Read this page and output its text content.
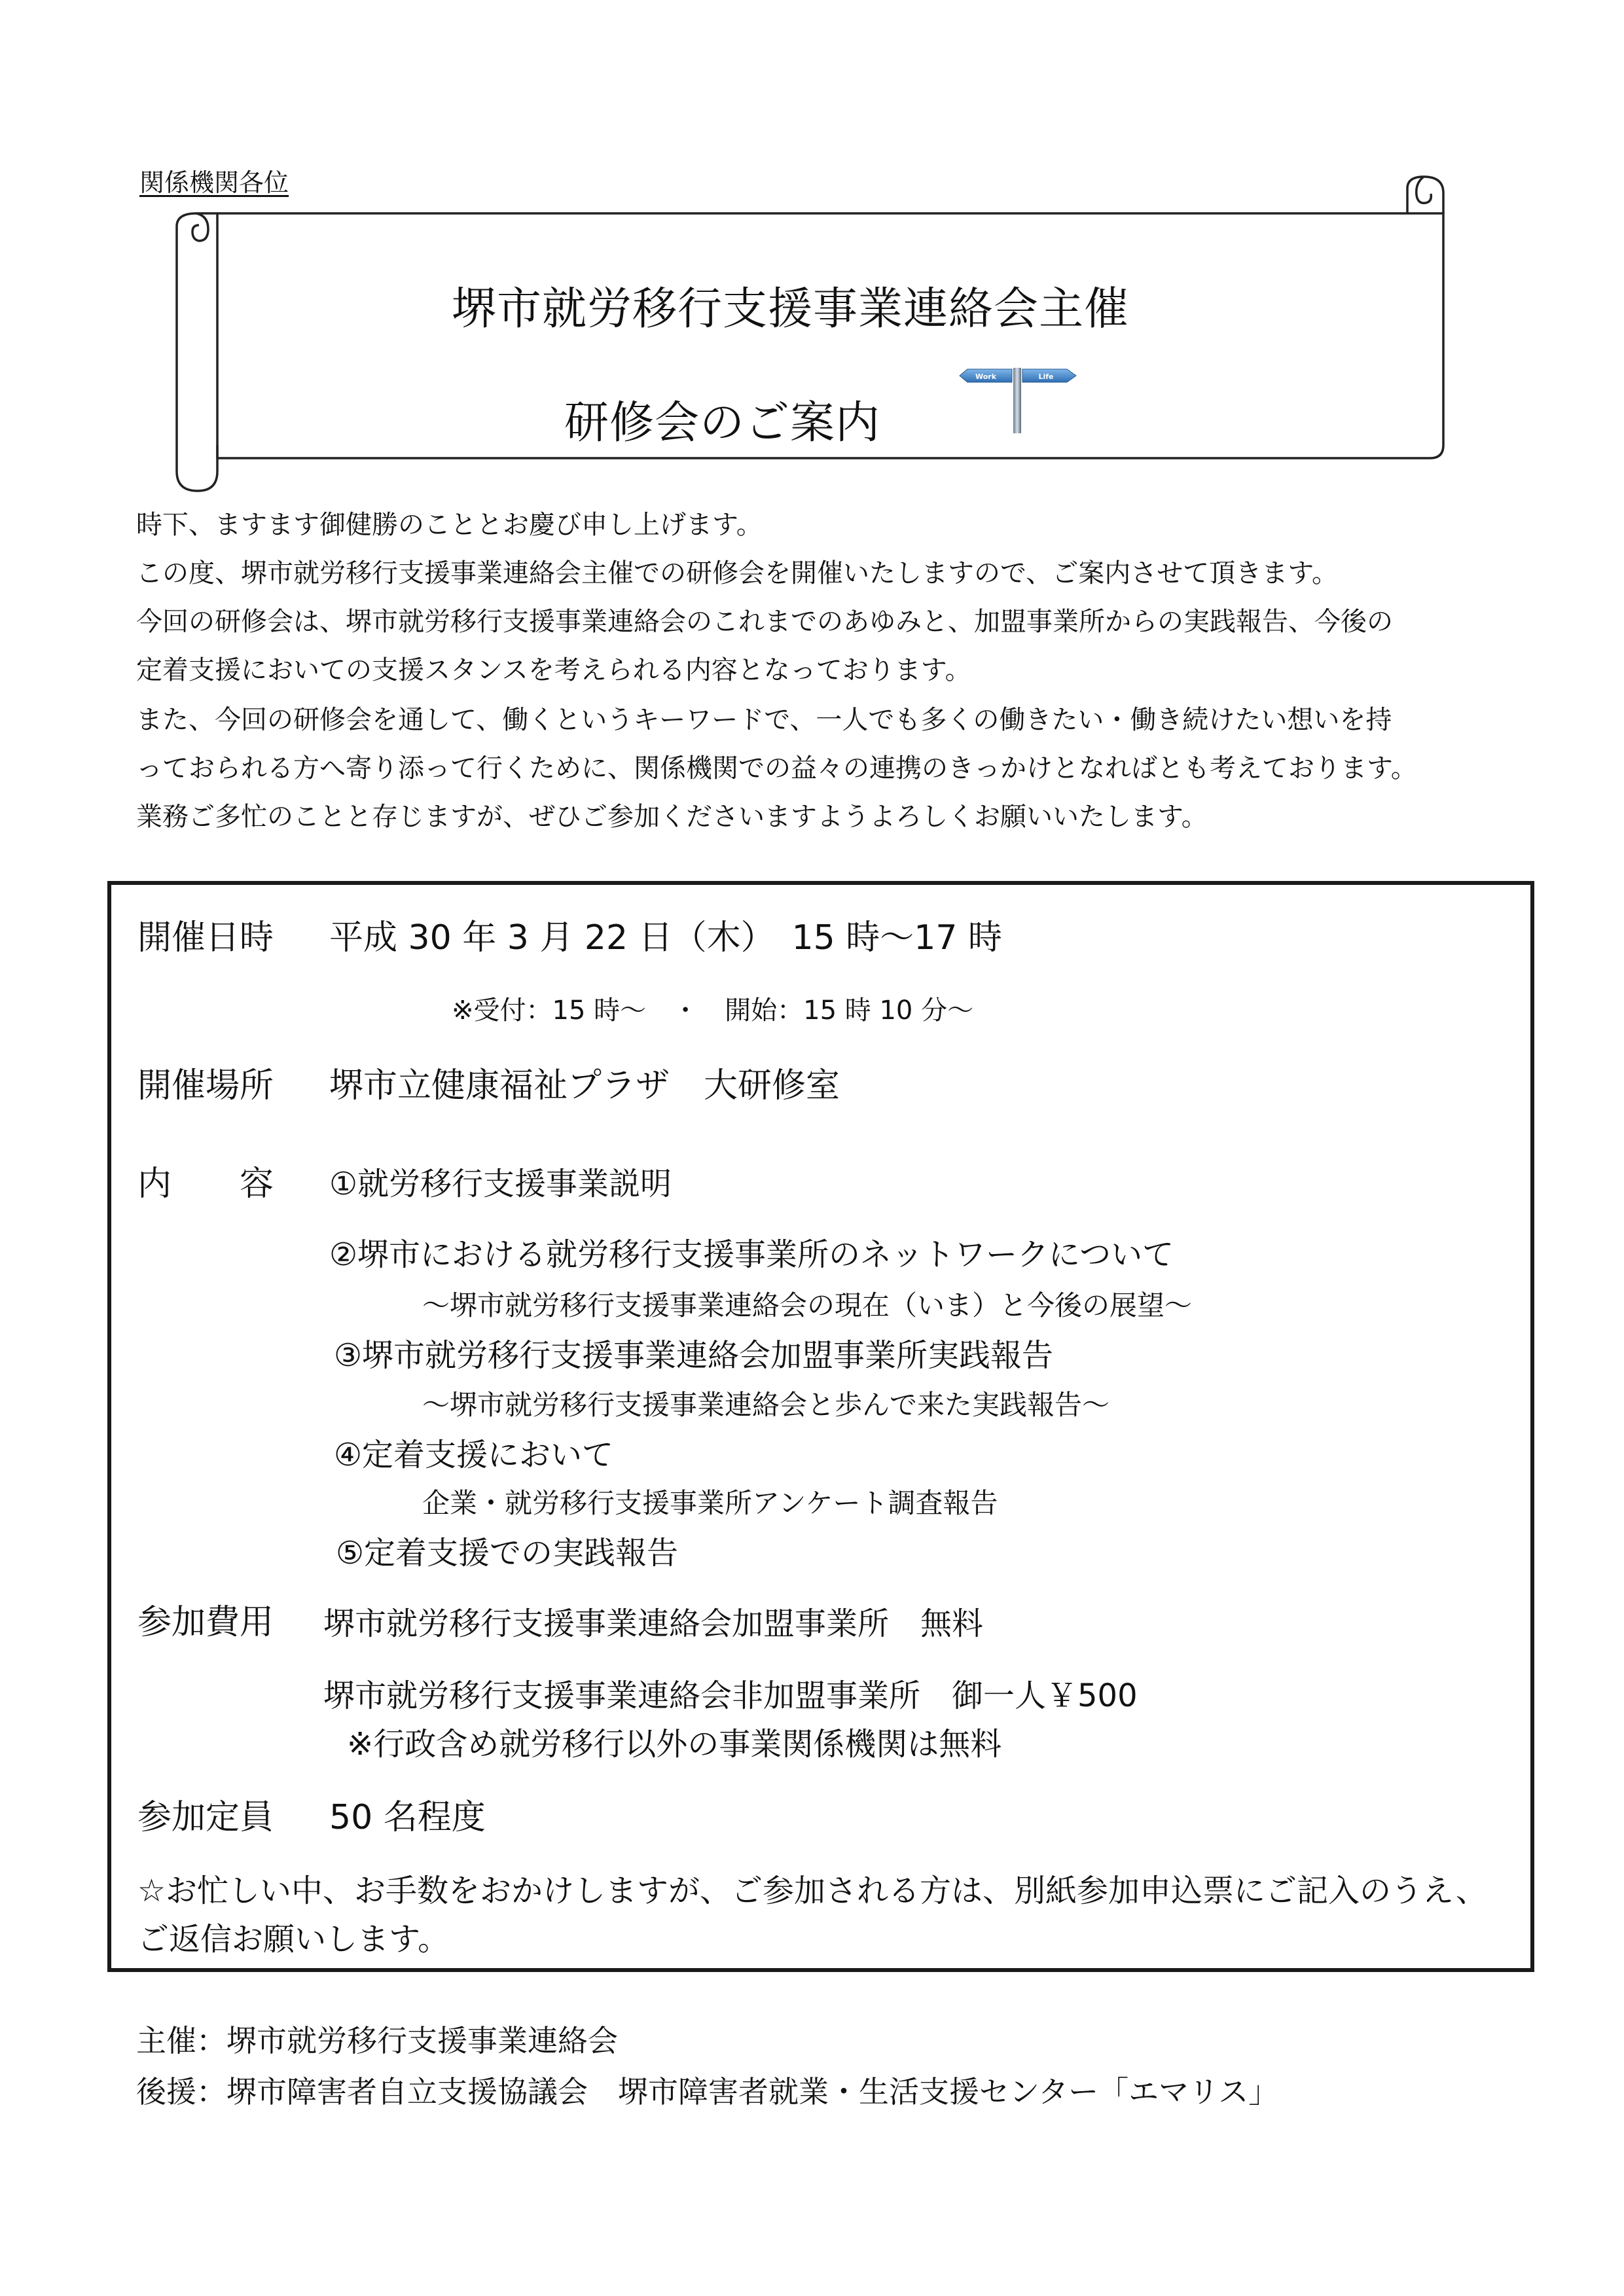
関係機関各位
堺市就労移行支援事業連絡会主催
研修会のご案内
Work	Life
時下、ますます御健勝のこととお慶び申し上げます。
この度、堺市就労移行支援事業連絡会主催での研修会を開催いたしますので、ご案内させて頂きます。
今回の研修会は、堺市就労移行支援事業連絡会のこれまでのあゆみと、加盟事業所からの実践報告、今後の
定着支援においての支援スタンスを考えられる内容となっております。
また、今回の研修会を通して、働くというキーワードで、一人でも多くの働きたい・働き続けたい想いを持
っておられる方へ寄り添って行くために、関係機関での益々の連携のきっかけとなればとも考えております。
業務ご多忙のことと存じますが、ぜひご参加くださいますようよろしくお願いいたします。
開催日時 平成 30 年 3 月 22 日（木）　15 時～17 時
※受付：15 時～　・　開始：15 時 10 分～
開催場所 堺市立健康福祉プラザ　大研修室
内　　容 ①就労移行支援事業説明
②堺市における就労移行支援事業所のネットワークについて
～堺市就労移行支援事業連絡会の現在（いま）と今後の展望～
③堺市就労移行支援事業連絡会加盟事業所実践報告
～堺市就労移行支援事業連絡会と歩んで来た実践報告～
④定着支援において
企業・就労移行支援事業所アンケート調査報告
⑤定着支援での実践報告
参加費用 堺市就労移行支援事業連絡会加盟事業所　無料
堺市就労移行支援事業連絡会非加盟事業所　御一人￥500
※行政含め就労移行以外の事業関係機関は無料
参加定員 50 名程度
☆お忙しい中、お手数をおかけしますが、ご参加される方は、別紙参加申込票にご記入のうえ、
ご返信お願いします。
主催：堺市就労移行支援事業連絡会
後援：堺市障害者自立支援協議会　堺市障害者就業・生活支援センター「エマリス」
